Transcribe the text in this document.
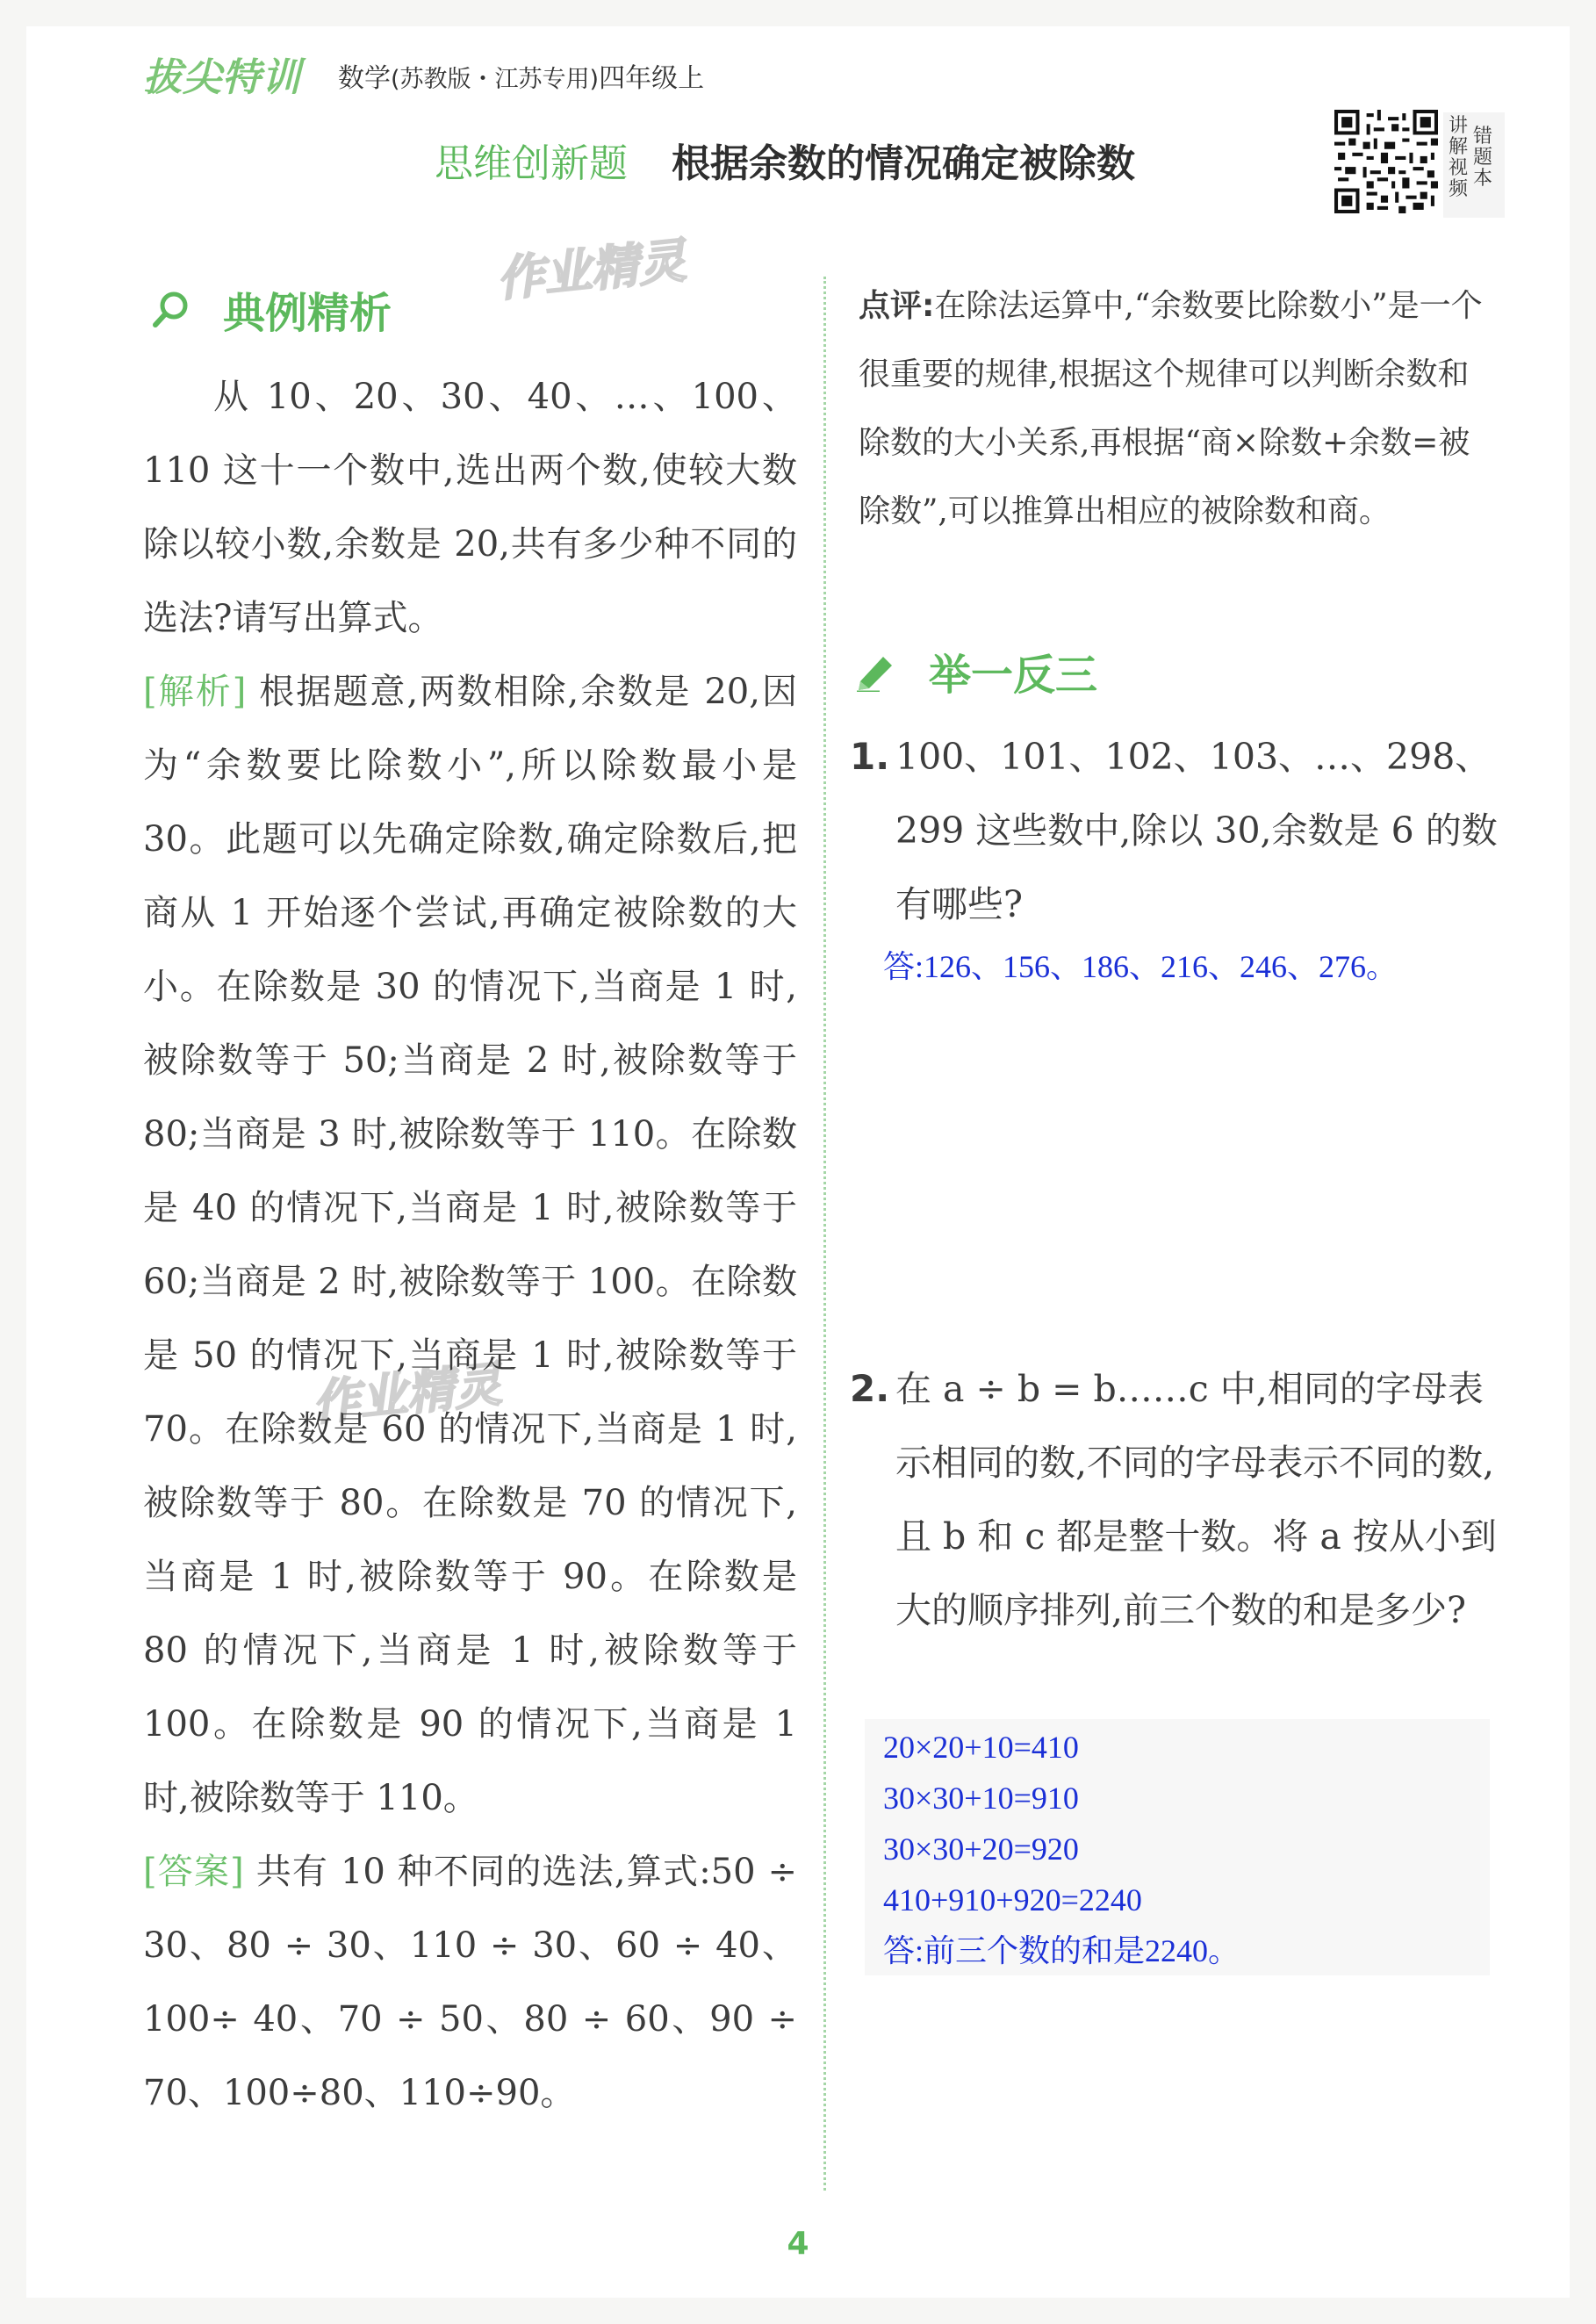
拔尖特训 数学(苏教版・江苏专用)四年级上
思维创新题 根据余数的情况确定被除数
讲解视频
错题本
作业精灵
作业精灵
典例精析

从 10、20、30、40、…、100、110 这十一个数中,选出两个数,使较大数除以较小数,余数是 20,共有多少种不同的选法?请写出算式。

[解析] 根据题意,两数相除,余数是 20,因为“余数要比除数小”,所以除数最小是 30。此题可以先确定除数,确定除数后,把商从 1 开始逐个尝试,再确定被除数的大小。在除数是 30 的情况下,当商是 1 时,被除数等于 50;当商是 2 时,被除数等于 80;当商是 3 时,被除数等于 110。在除数是 40 的情况下,当商是 1 时,被除数等于 60;当商是 2 时,被除数等于 100。在除数是 50 的情况下,当商是 1 时,被除数等于 70。在除数是 60 的情况下,当商是 1 时,被除数等于 80。在除数是 70 的情况下,当商是 1 时,被除数等于 90。在除数是 80 的情况下,当商是 1 时,被除数等于 100。在除数是 90 的情况下,当商是 1 时,被除数等于 110。

[答案] 共有 10 种不同的选法,算式:50 ÷ 30、80 ÷ 30、110 ÷ 30、60 ÷ 40、100÷ 40、70 ÷ 50、80 ÷ 60、90 ÷ 70、100÷80、110÷90。

点评:在除法运算中,“余数要比除数小”是一个很重要的规律,根据这个规律可以判断余数和除数的大小关系,再根据“商×除数+余数=被除数”,可以推算出相应的被除数和商。
举一反三
1. 100、101、102、103、…、298、299 这些数中,除以 30,余数是 6 的数有哪些?
答:126、156、186、216、246、276。
2. 在 a ÷ b = b……c 中,相同的字母表示相同的数,不同的字母表示不同的数,且 b 和 c 都是整十数。将 a 按从小到大的顺序排列,前三个数的和是多少?
20×20+10=410
30×30+10=910
30×30+20=920
410+910+920=2240
答:前三个数的和是2240。
4
